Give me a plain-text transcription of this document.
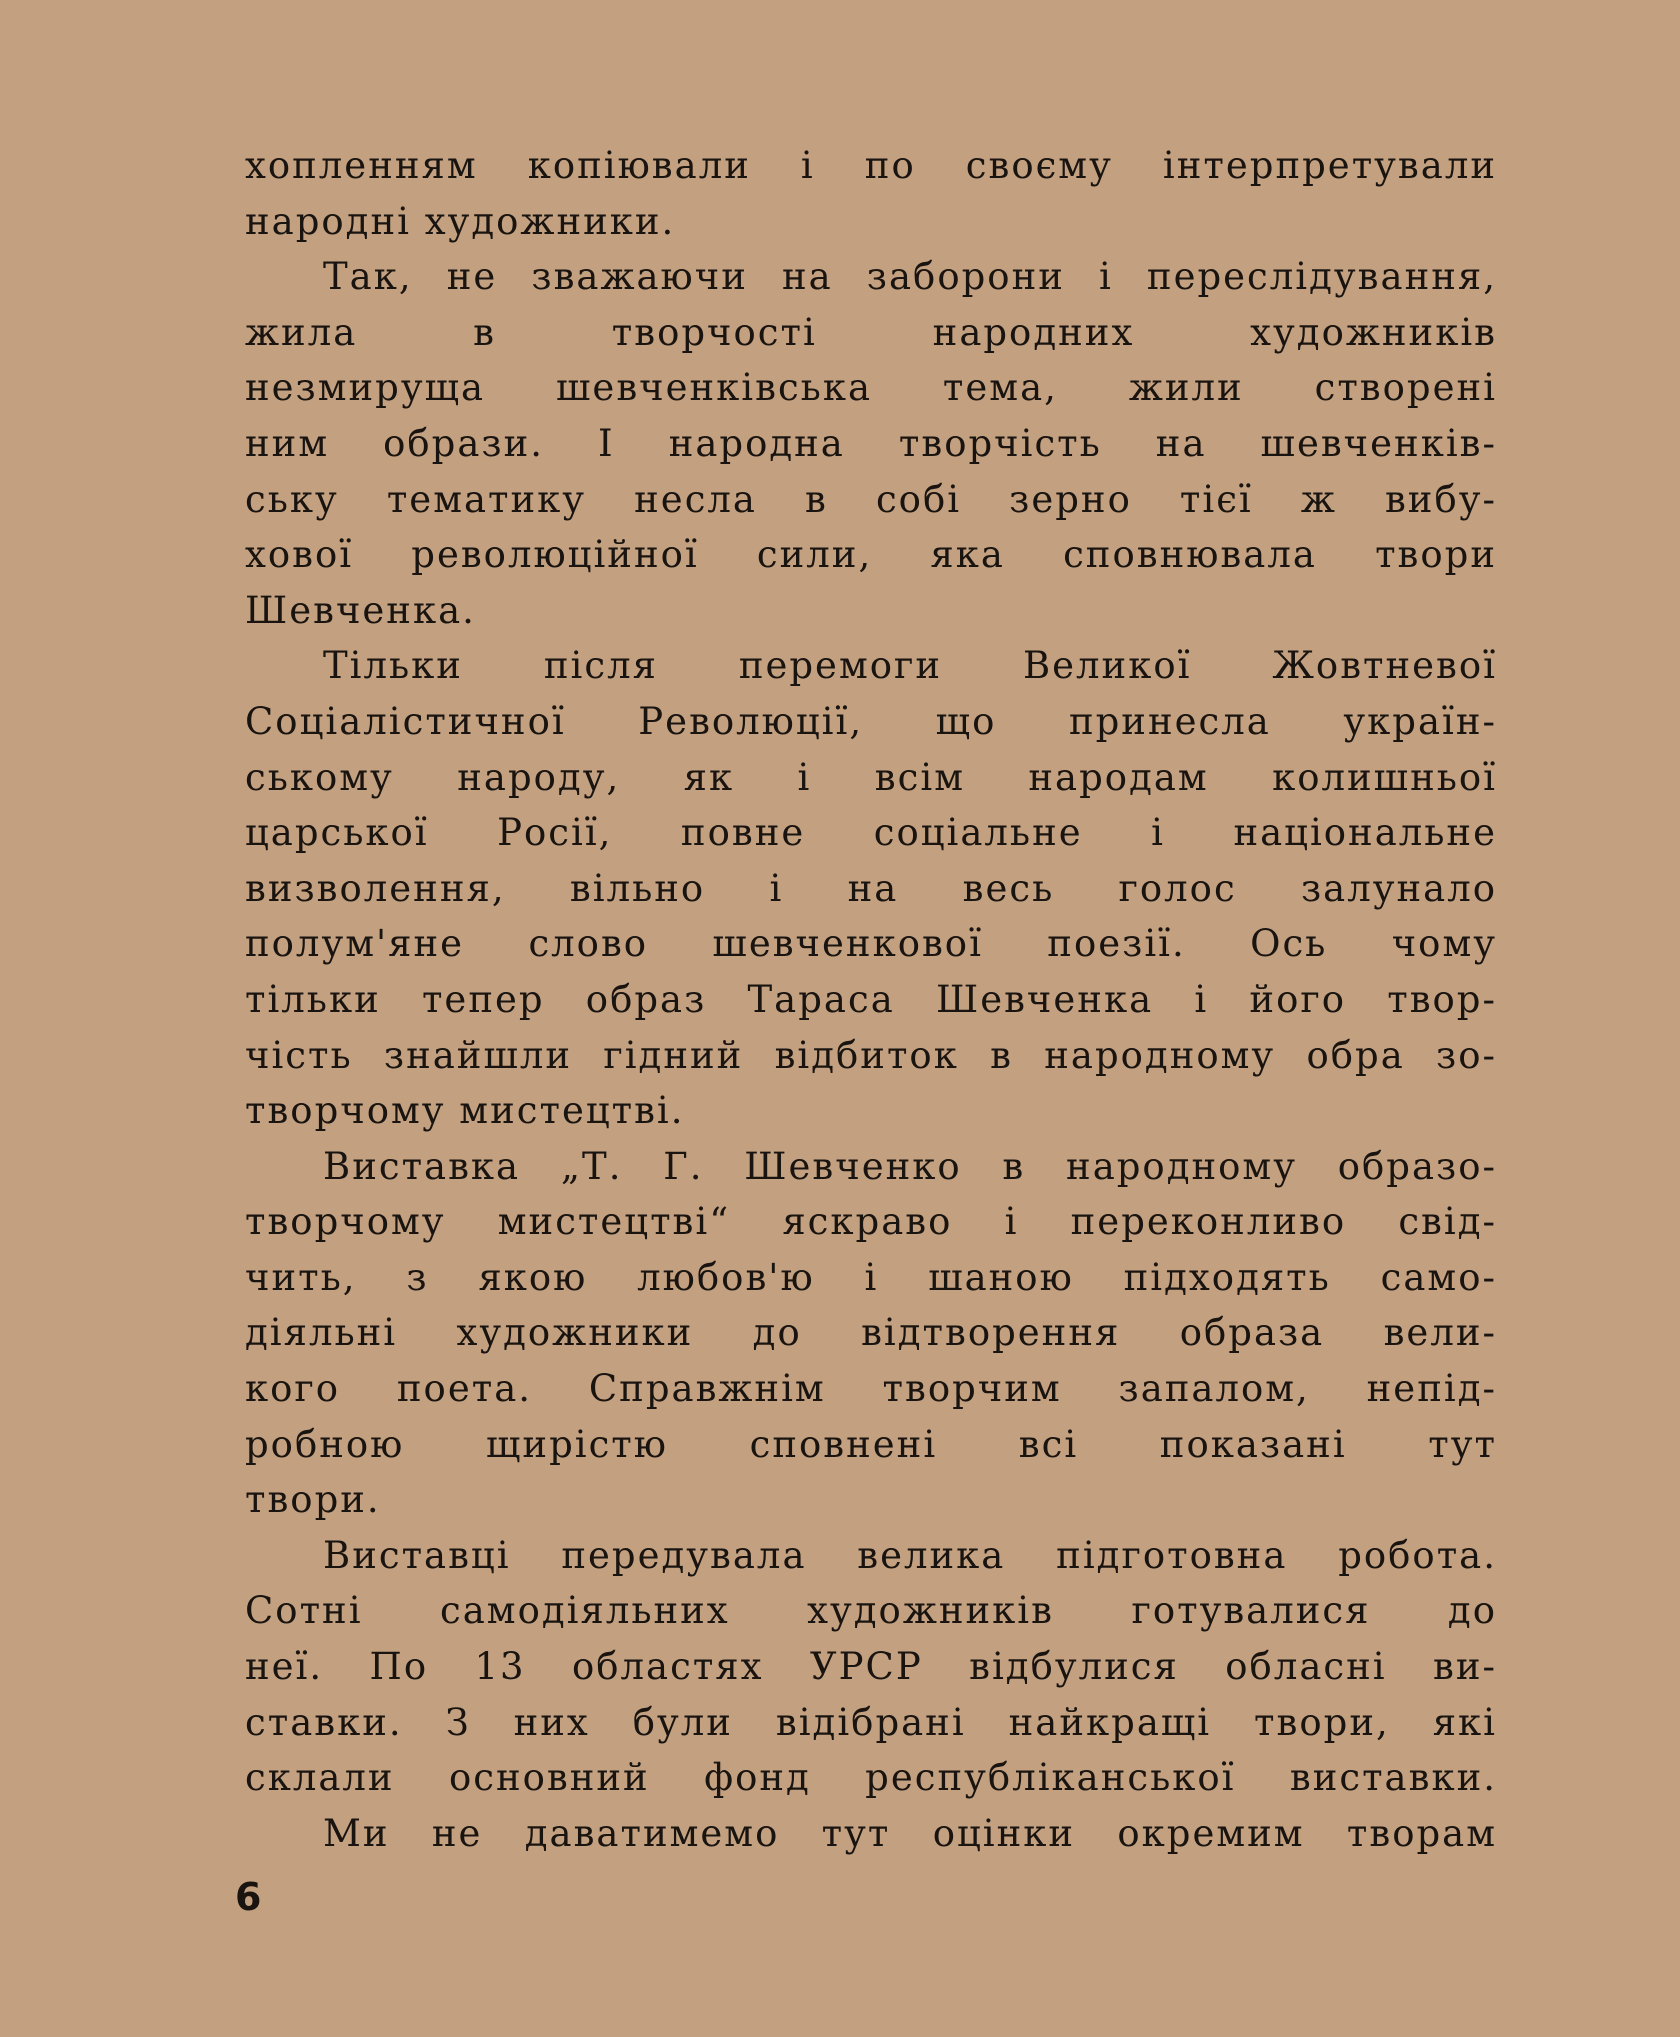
хопленням копіювали і по своєму інтерпретували
народні художники.
Так, не зважаючи на заборони і переслідування,
жила в творчості народних художників
незмируща шевченківська тема, жили створені
ним образи. І народна творчість на шевченків-
ську тематику несла в собі зерно тієї ж вибу-
хової революційної сили, яка сповнювала твори
Шевченка.
Тільки після перемоги Великої Жовтневої
Соціалістичної Революції, що принесла україн-
ському народу, як і всім народам колишньої
царської Росії, повне соціальне і національне
визволення, вільно і на весь голос залунало
полум'яне слово шевченкової поезії. Ось чому
тільки тепер образ Тараса Шевченка і його твор-
чість знайшли гідний відбиток в народному обра зо-
творчому мистецтві.
Виставка „Т. Г. Шевченко в народному образо-
творчому мистецтві“ яскраво і переконливо свід-
чить, з якою любов'ю і шаною підходять само-
діяльні художники до відтворення образа вели-
кого поета. Справжнім творчим запалом, непід-
робною щирістю сповнені всі показані тут
твори.
Виставці передувала велика підготовна робота.
Сотні самодіяльних художників готувалися до
неї. По 13 областях УРСР відбулися обласні ви-
ставки. З них були відібрані найкращі твори, які
склали основний фонд республіканської виставки.
Ми не даватимемо тут оцінки окремим творам
6
